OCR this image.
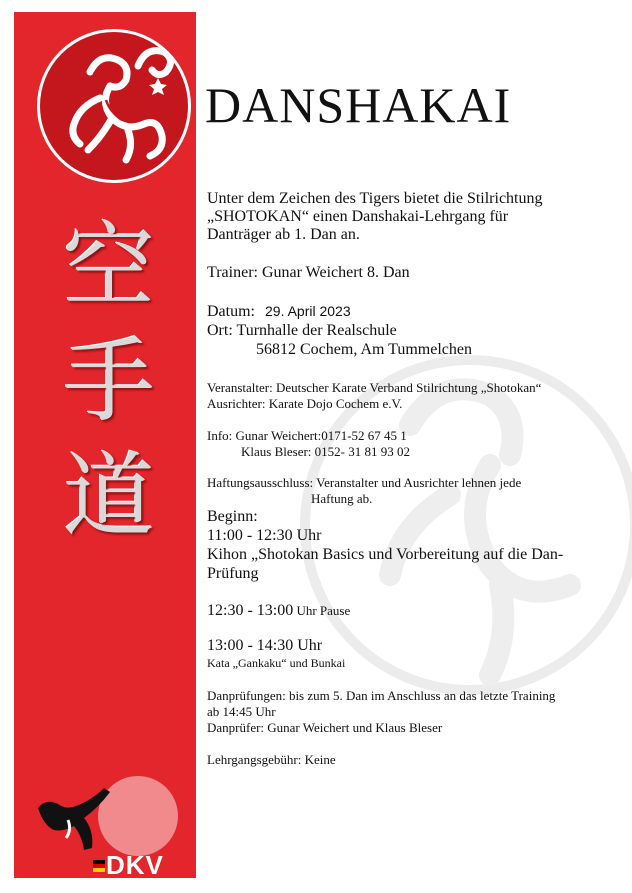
空
手
道
DKV
DANSHAKAI
Unter dem Zeichen des Tigers bietet die Stilrichtung
„SHOTOKAN“ einen Danshakai-Lehrgang für
Danträger ab 1. Dan an.
Trainer: Gunar Weichert 8. Dan
Datum: 29. April 2023
Ort: Turnhalle der Realschule
56812 Cochem, Am Tummelchen
Veranstalter: Deutscher Karate Verband Stilrichtung „Shotokan“
Ausrichter: Karate Dojo Cochem e.V.
Info: Gunar Weichert:0171-52 67 45 1
Klaus Bleser: 0152- 31 81 93 02
Haftungsausschluss: Veranstalter und Ausrichter lehnen jede
Haftung ab.
Beginn:
11:00 - 12:30 Uhr
Kihon „Shotokan Basics und Vorbereitung auf die Dan-
Prüfung
12:30 - 13:00 Uhr Pause
13:00 - 14:30 Uhr
Kata „Gankaku“ und Bunkai
Danprüfungen: bis zum 5. Dan im Anschluss an das letzte Training
ab 14:45 Uhr
Danprüfer: Gunar Weichert und Klaus Bleser
Lehrgangsgebühr: Keine
